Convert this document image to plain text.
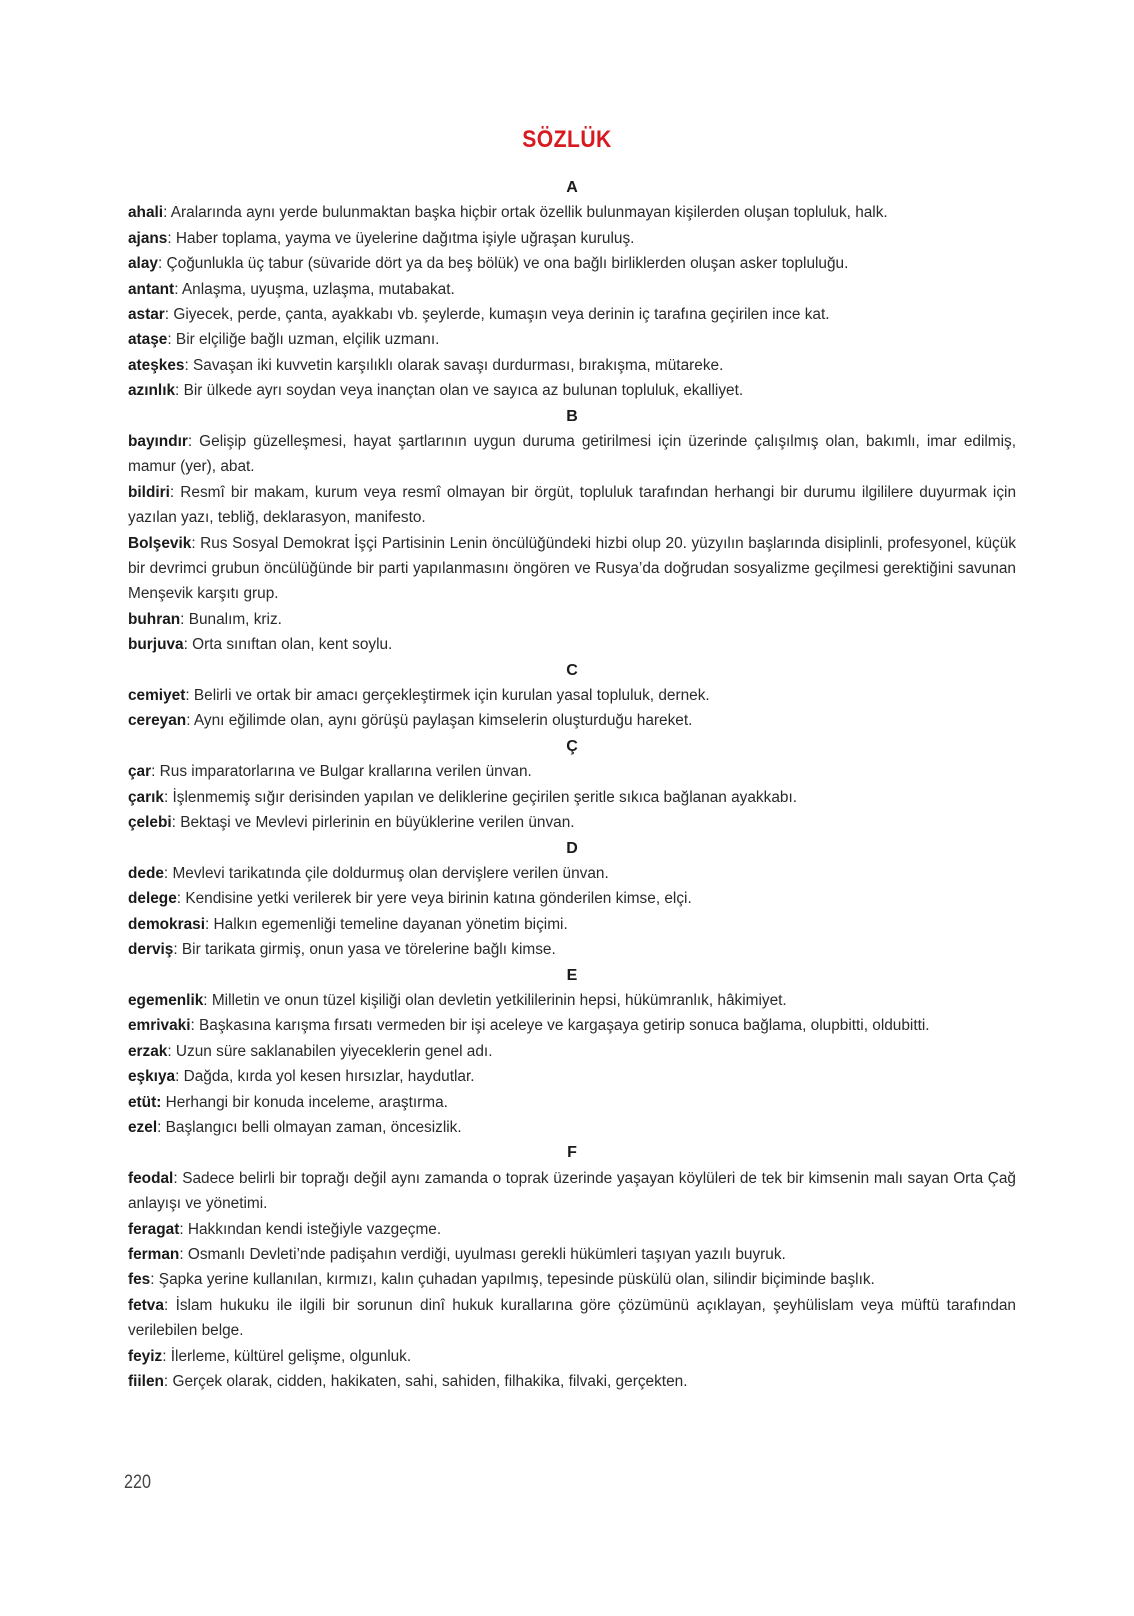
SÖZLÜK
A
ahali: Aralarında aynı yerde bulunmaktan başka hiçbir ortak özellik bulunmayan kişilerden oluşan topluluk, halk.
ajans: Haber toplama, yayma ve üyelerine dağıtma işiyle uğraşan kuruluş.
alay: Çoğunlukla üç tabur (süvaride dört ya da beş bölük) ve ona bağlı birliklerden oluşan asker topluluğu.
antant: Anlaşma, uyuşma, uzlaşma, mutabakat.
astar: Giyecek, perde, çanta, ayakkabı vb. şeylerde, kumaşın veya derinin iç tarafına geçirilen ince kat.
ataşe: Bir elçiliğe bağlı uzman, elçilik uzmanı.
ateşkes: Savaşan iki kuvvetin karşılıklı olarak savaşı durdurması, bırakışma, mütareke.
azınlık: Bir ülkede ayrı soydan veya inançtan olan ve sayıca az bulunan topluluk, ekalliyet.
B
bayındır: Gelişip güzelleşmesi, hayat şartlarının uygun duruma getirilmesi için üzerinde çalışılmış olan, bakımlı, imar edilmiş, mamur (yer), abat.
bildiri: Resmî bir makam, kurum veya resmî olmayan bir örgüt, topluluk tarafından herhangi bir durumu ilgililere duyurmak için yazılan yazı, tebliğ, deklarasyon, manifesto.
Bolşevik: Rus Sosyal Demokrat İşçi Partisinin Lenin öncülüğündeki hizbi olup 20. yüzyılın başlarında disiplinli, profesyonel, küçük bir devrimci grubun öncülüğünde bir parti yapılanmasını öngören ve Rusya’da doğrudan sosyalizme geçilmesi gerektiğini savunan Menşevik karşıtı grup.
buhran: Bunalım, kriz.
burjuva: Orta sınıftan olan, kent soylu.
C
cemiyet: Belirli ve ortak bir amacı gerçekleştirmek için kurulan yasal topluluk, dernek.
cereyan: Aynı eğilimde olan, aynı görüşü paylaşan kimselerin oluşturduğu hareket.
Ç
çar: Rus imparatorlarına ve Bulgar krallarına verilen ünvan.
çarık: İşlenmemiş sığır derisinden yapılan ve deliklerine geçirilen şeritle sıkıca bağlanan ayakkabı.
çelebi: Bektaşi ve Mevlevi pirlerinin en büyüklerine verilen ünvan.
D
dede: Mevlevi tarikatında çile doldurmuş olan dervişlere verilen ünvan.
delege: Kendisine yetki verilerek bir yere veya birinin katına gönderilen kimse, elçi.
demokrasi: Halkın egemenliği temeline dayanan yönetim biçimi.
derviş: Bir tarikata girmiş, onun yasa ve törelerine bağlı kimse.
E
egemenlik: Milletin ve onun tüzel kişiliği olan devletin yetkililerinin hepsi, hükümranlık, hâkimiyet.
emrivaki: Başkasına karışma fırsatı vermeden bir işi aceleye ve kargaşaya getirip sonuca bağlama, olupbitti, oldubitti.
erzak: Uzun süre saklanabilen yiyeceklerin genel adı.
eşkıya: Dağda, kırda yol kesen hırsızlar, haydutlar.
etüt: Herhangi bir konuda inceleme, araştırma.
ezel: Başlangıcı belli olmayan zaman, öncesizlik.
F
feodal: Sadece belirli bir toprağı değil aynı zamanda o toprak üzerinde yaşayan köylüleri de tek bir kimsenin malı sayan Orta Çağ anlayışı ve yönetimi.
feragat: Hakkından kendi isteğiyle vazgeçme.
ferman: Osmanlı Devleti’nde padişahın verdiği, uyulması gerekli hükümleri taşıyan yazılı buyruk.
fes: Şapka yerine kullanılan, kırmızı, kalın çuhadan yapılmış, tepesinde püskülü olan, silindir biçiminde başlık.
fetva: İslam hukuku ile ilgili bir sorunun dinî hukuk kurallarına göre çözümünü açıklayan, şeyhülislam veya müftü tarafından verilebilen belge.
feyiz: İlerleme, kültürel gelişme, olgunluk.
fiilen: Gerçek olarak, cidden, hakikaten, sahi, sahiden, filhakika, filvaki, gerçekten.
220
